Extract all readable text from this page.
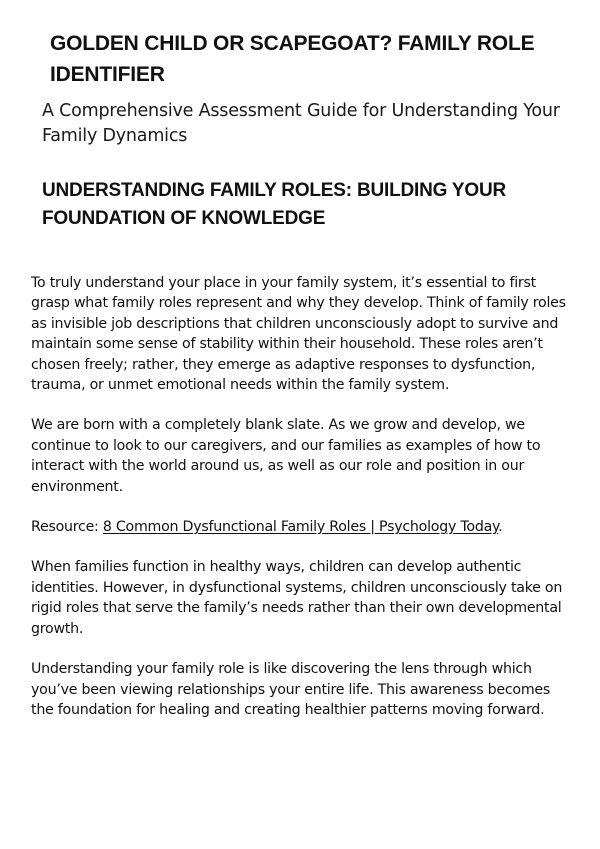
GOLDEN CHILD OR SCAPEGOAT? FAMILY ROLE IDENTIFIER
A Comprehensive Assessment Guide for Understanding Your Family Dynamics
UNDERSTANDING FAMILY ROLES: BUILDING YOUR FOUNDATION OF KNOWLEDGE

To truly understand your place in your family system, it’s essential to first grasp what family roles represent and why they develop. Think of family roles as invisible job descriptions that children unconsciously adopt to survive and maintain some sense of stability within their household. These roles aren’t chosen freely; rather, they emerge as adaptive responses to dysfunction, trauma, or unmet emotional needs within the family system.

We are born with a completely blank slate. As we grow and develop, we continue to look to our caregivers, and our families as examples of how to interact with the world around us, as well as our role and position in our environment.

Resource: 8 Common Dysfunctional Family Roles | Psychology Today.

When families function in healthy ways, children can develop authentic identities. However, in dysfunctional systems, children unconsciously take on rigid roles that serve the family’s needs rather than their own developmental growth.

Understanding your family role is like discovering the lens through which you’ve been viewing relationships your entire life. This awareness becomes the foundation for healing and creating healthier patterns moving forward.
